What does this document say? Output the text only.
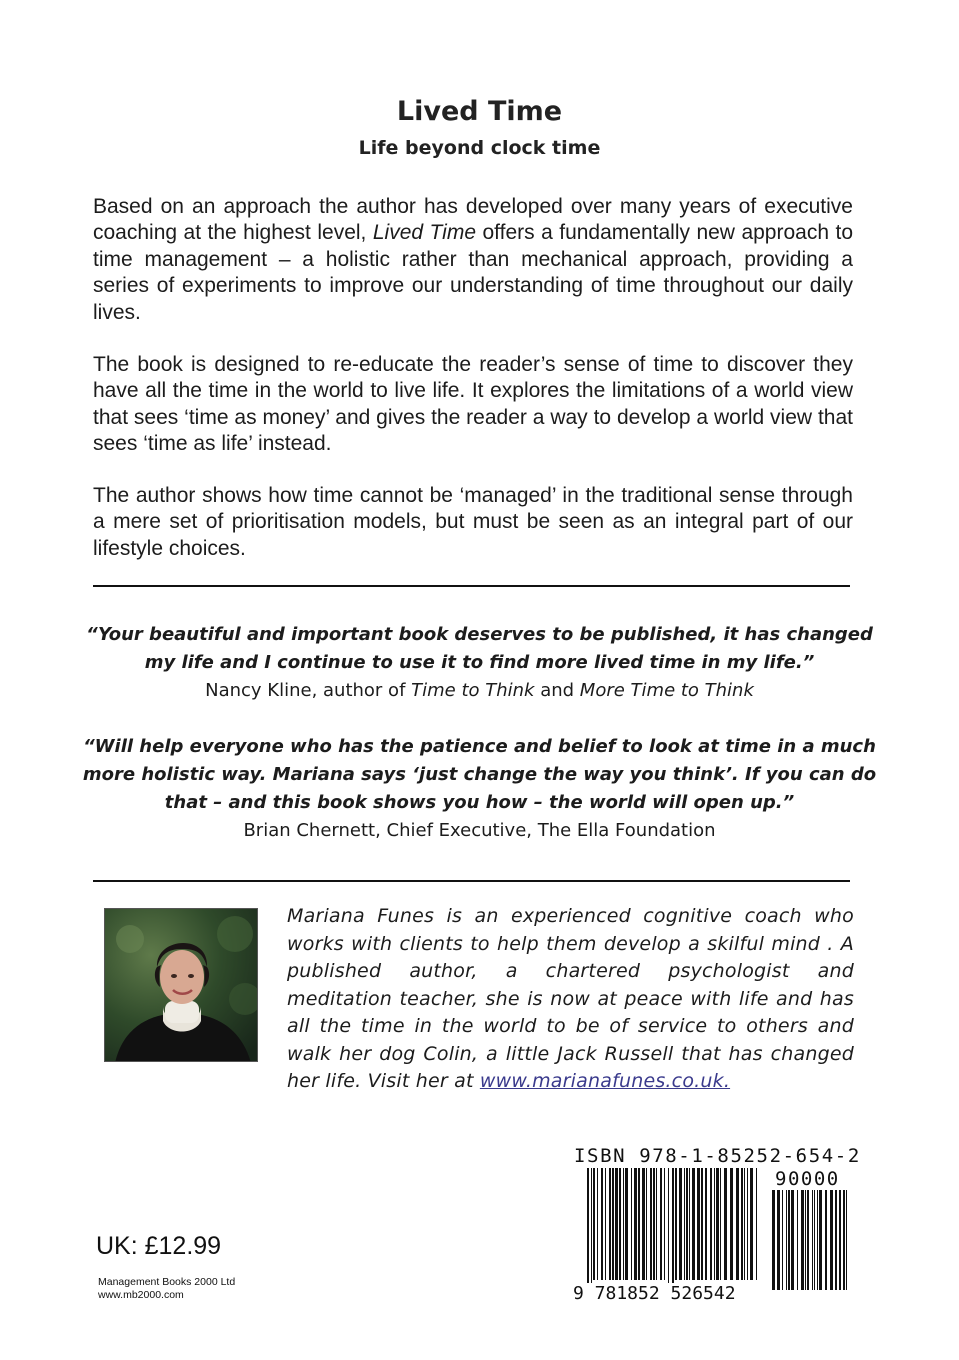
Lived Time
Life beyond clock time

Based on an approach the author has developed over many years of executive coaching at the highest level, Lived Time offers a fundamentally new approach to time management – a holistic rather than mechanical approach, providing a series of experiments to improve our understanding of time throughout our daily lives.

The book is designed to re-educate the reader’s sense of time to discover they have all the time in the world to live life. It explores the limitations of a world view that sees ‘time as money’ and gives the reader a way to develop a world view that sees ‘time as life’ instead.

The author shows how time cannot be ‘managed’ in the traditional sense through a mere set of prioritisation models, but must be seen as an integral part of our lifestyle choices.

“Your beautiful and important book deserves to be published, it has changed my life and I continue to use it to find more lived time in my life.”
Nancy Kline, author of Time to Think and More Time to Think
“Will help everyone who has the patience and belief to look at time in a much more holistic way. Mariana says ‘just change the way you think’. If you can do that – and this book shows you how – the world will open up.”
Brian Chernett, Chief Executive, The Ella Foundation

Mariana Funes is an experienced cognitive coach who works with clients to help them develop a skilful mind . A published author, a chartered psychologist and meditation teacher, she is now at peace with life and has all the time in the world to be of service to others and walk her dog Colin, a little Jack Russell that has changed her life. Visit her at www.marianafunes.co.uk.

UK: £12.99
Management Books 2000 Ltd
www.mb2000.com
ISBN 978-1-85252-654-2
90000
9 781852 526542
